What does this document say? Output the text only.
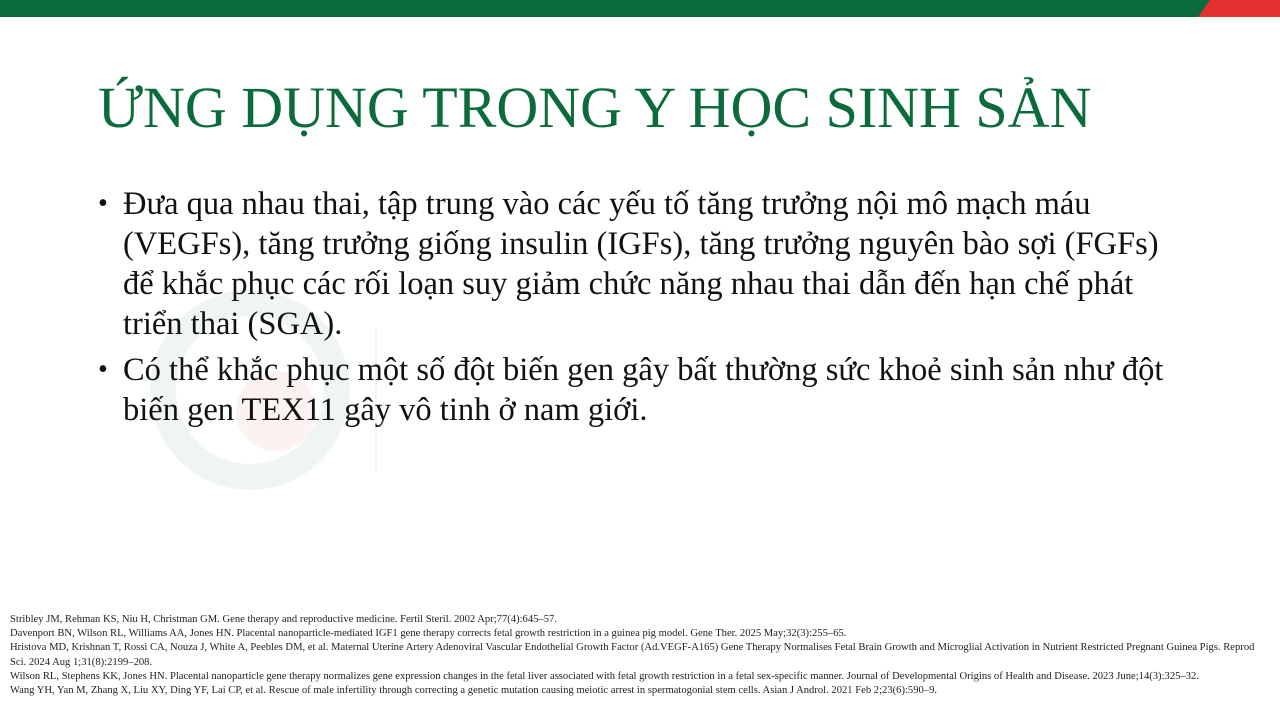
ỨNG DỤNG TRONG Y HỌC SINH SẢN
• Đưa qua nhau thai, tập trung vào các yếu tố tăng trưởng nội mô mạch máu (VEGFs), tăng trưởng giống insulin (IGFs), tăng trưởng nguyên bào sợi (FGFs) để khắc phục các rối loạn suy giảm chức năng nhau thai dẫn đến hạn chế phát triển thai (SGA).
• Có thể khắc phục một số đột biến gen gây bất thường sức khoẻ sinh sản như đột biến gen TEX11 gây vô tinh ở nam giới.

Stribley JM, Rehman KS, Niu H, Christman GM. Gene therapy and reproductive medicine. Fertil Steril. 2002 Apr;77(4):645–57.

Davenport BN, Wilson RL, Williams AA, Jones HN. Placental nanoparticle-mediated IGF1 gene therapy corrects fetal growth restriction in a guinea pig model. Gene Ther. 2025 May;32(3):255–65.

Hristova MD, Krishnan T, Rossi CA, Nouza J, White A, Peebles DM, et al. Maternal Uterine Artery Adenoviral Vascular Endothelial Growth Factor (Ad.VEGF-A165) Gene Therapy Normalises Fetal Brain Growth and Microglial Activation in Nutrient Restricted Pregnant Guinea Pigs. Reprod Sci. 2024 Aug 1;31(8):2199–208.

Wilson RL, Stephens KK, Jones HN. Placental nanoparticle gene therapy normalizes gene expression changes in the fetal liver associated with fetal growth restriction in a fetal sex-specific manner. Journal of Developmental Origins of Health and Disease. 2023 June;14(3):325–32.

Wang YH, Yan M, Zhang X, Liu XY, Ding YF, Lai CP, et al. Rescue of male infertility through correcting a genetic mutation causing meiotic arrest in spermatogonial stem cells. Asian J Androl. 2021 Feb 2;23(6):590–9.
